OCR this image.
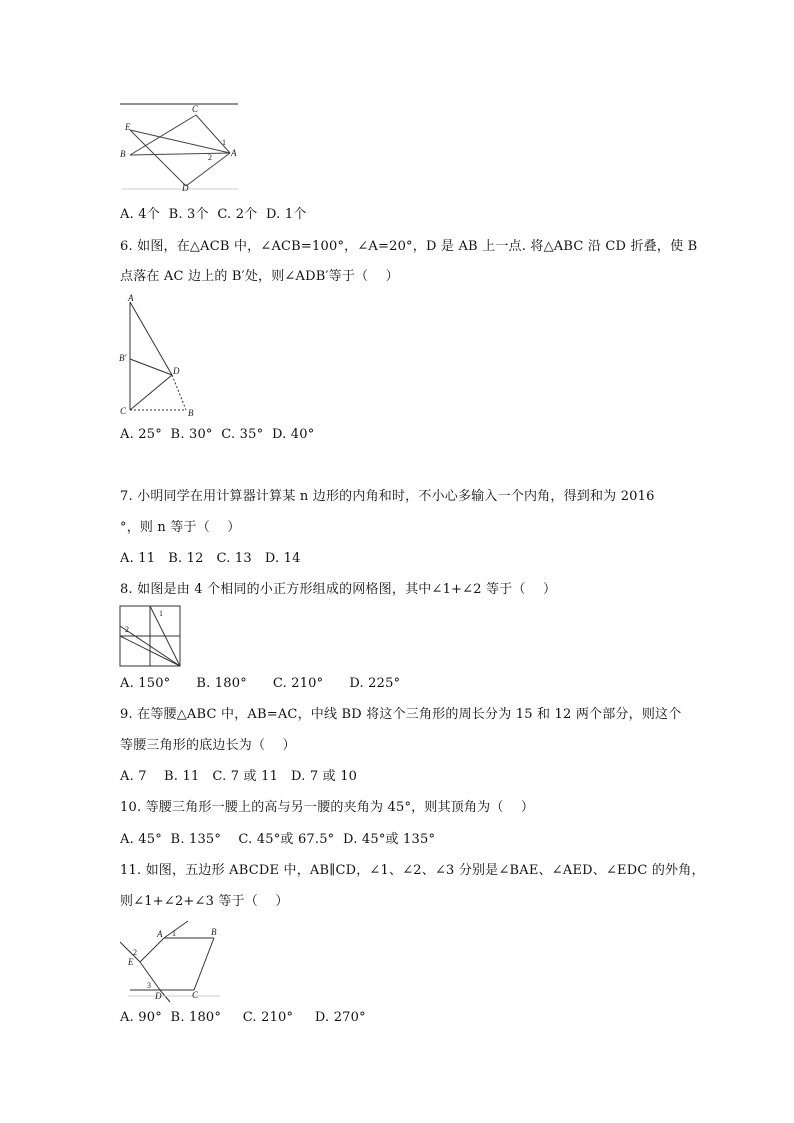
C
E
B	A
D
1
2
A. 4个  B. 3个  C. 2个  D. 1个
6. 如图，在△ACB 中，∠ACB=100°，∠A=20°，D 是 AB 上一点. 将△ABC 沿 CD 折叠，使 B
点落在 AC 边上的 B′处，则∠ADB′等于（    ）
A
B'
D
C	B
A. 25°  B. 30°  C. 35°  D. 40°
7. 小明同学在用计算器计算某 n 边形的内角和时，不小心多输入一个内角，得到和为 2016
°，则 n 等于（    ）
A. 11   B. 12   C. 13   D. 14
8. 如图是由 4 个相同的小正方形组成的网格图，其中∠1+∠2 等于（    ）
1
2
A. 150°      B. 180°      C. 210°      D. 225°
9. 在等腰△ABC 中，AB=AC，中线 BD 将这个三角形的周长分为 15 和 12 两个部分，则这个
等腰三角形的底边长为（    ）
A. 7    B. 11   C. 7 或 11   D. 7 或 10
10. 等腰三角形一腰上的高与另一腰的夹角为 45°，则其顶角为（    ）
A. 45°  B. 135°    C. 45°或 67.5°  D. 45°或 135°
11. 如图，五边形 ABCDE 中，AB∥CD，∠1、∠2、∠3 分别是∠BAE、∠AED、∠EDC 的外角，
则∠1+∠2+∠3 等于（    ）
A	B
C
D
E
1
2
3
A. 90°  B. 180°     C. 210°     D. 270°
